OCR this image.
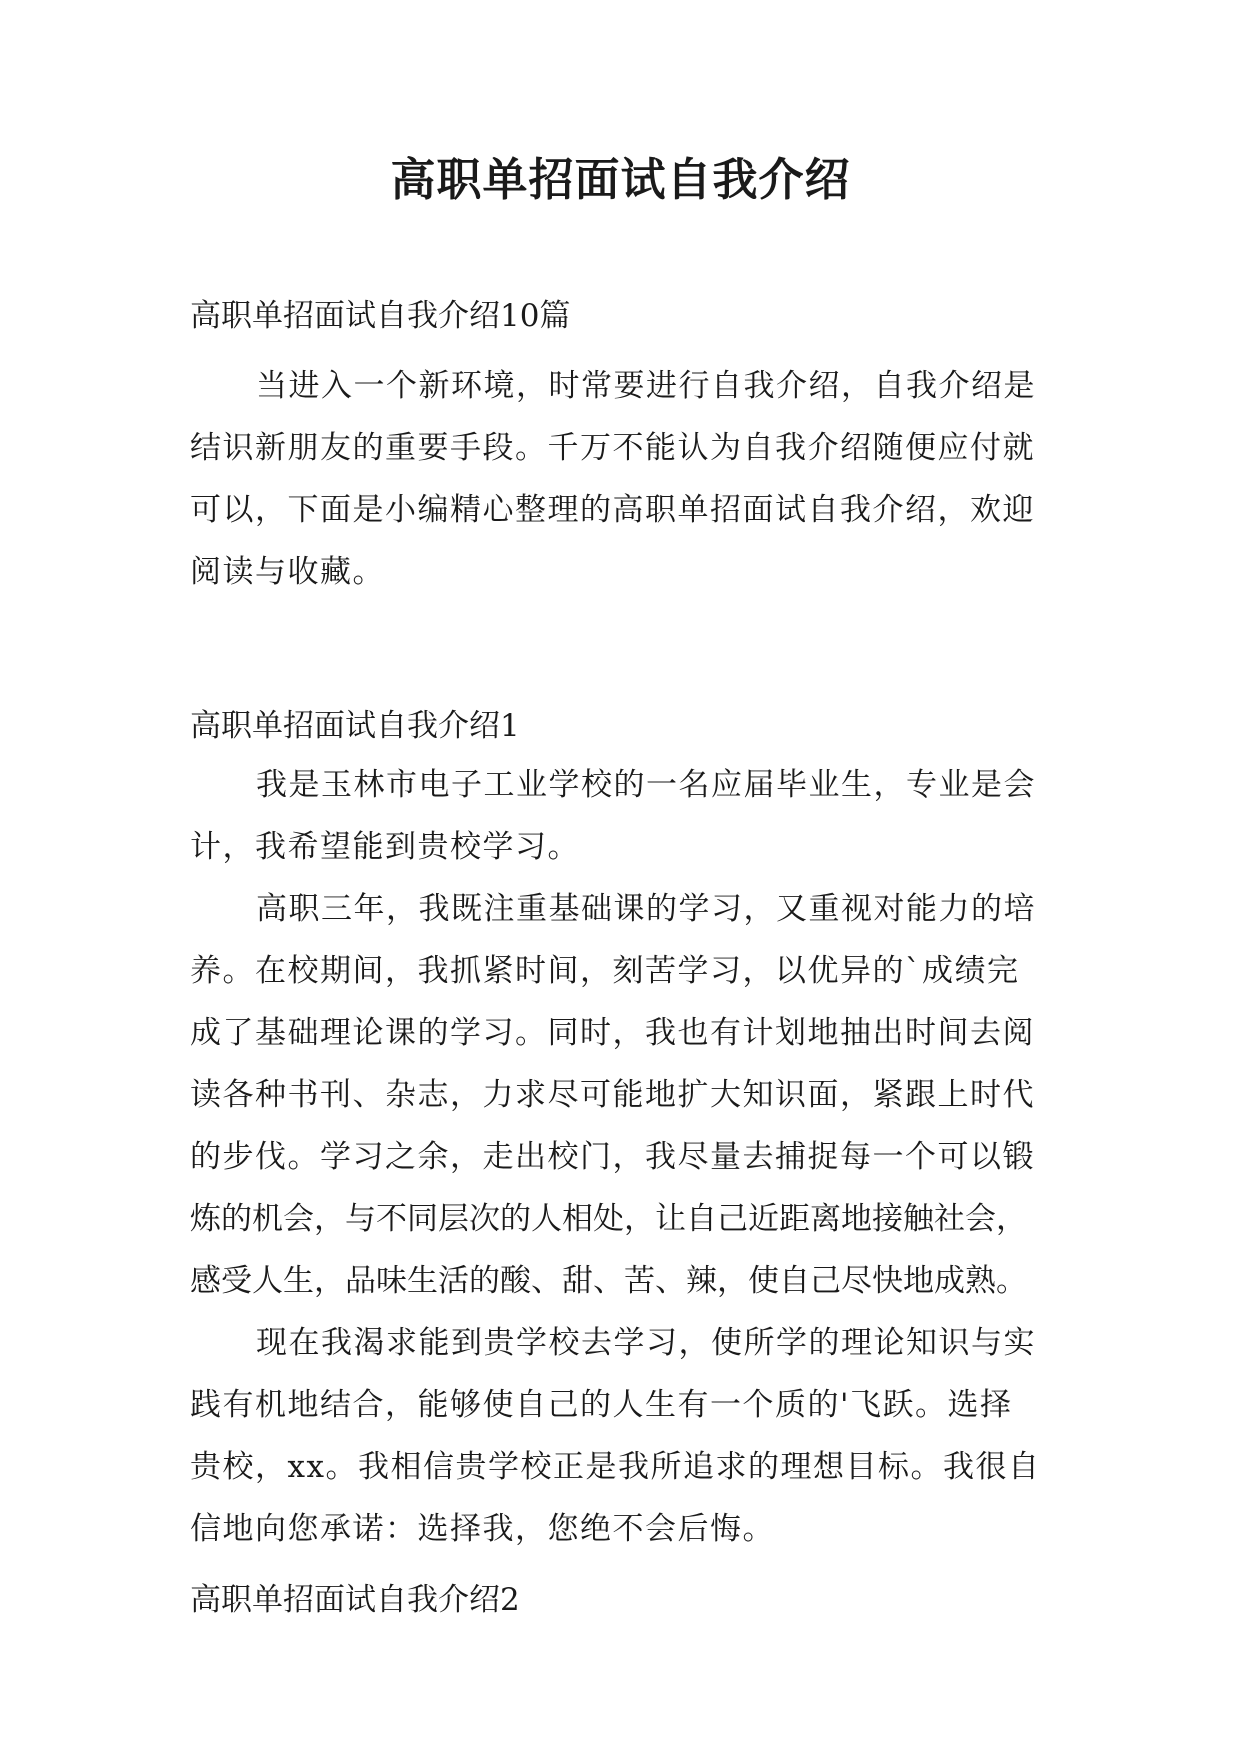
高职单招面试自我介绍
高职单招面试自我介绍10篇
当进入一个新环境，时常要进行自我介绍，自我介绍是
结识新朋友的重要手段。千万不能认为自我介绍随便应付就
可以，下面是小编精心整理的高职单招面试自我介绍，欢迎
阅读与收藏。
高职单招面试自我介绍1
我是玉林市电子工业学校的一名应届毕业生，专业是会
计，我希望能到贵校学习。
高职三年，我既注重基础课的学习，又重视对能力的培
养。在校期间，我抓紧时间，刻苦学习，以优异的`成绩完
成了基础理论课的学习。同时，我也有计划地抽出时间去阅
读各种书刊、杂志，力求尽可能地扩大知识面，紧跟上时代
的步伐。学习之余，走出校门，我尽量去捕捉每一个可以锻
炼的机会，与不同层次的人相处，让自己近距离地接触社会，
感受人生，品味生活的酸、甜、苦、辣，使自己尽快地成熟。
现在我渴求能到贵学校去学习，使所学的理论知识与实
践有机地结合，能够使自己的人生有一个质的'飞跃。选择
贵校，xx。我相信贵学校正是我所追求的理想目标。我很自
信地向您承诺：选择我，您绝不会后悔。
高职单招面试自我介绍2
